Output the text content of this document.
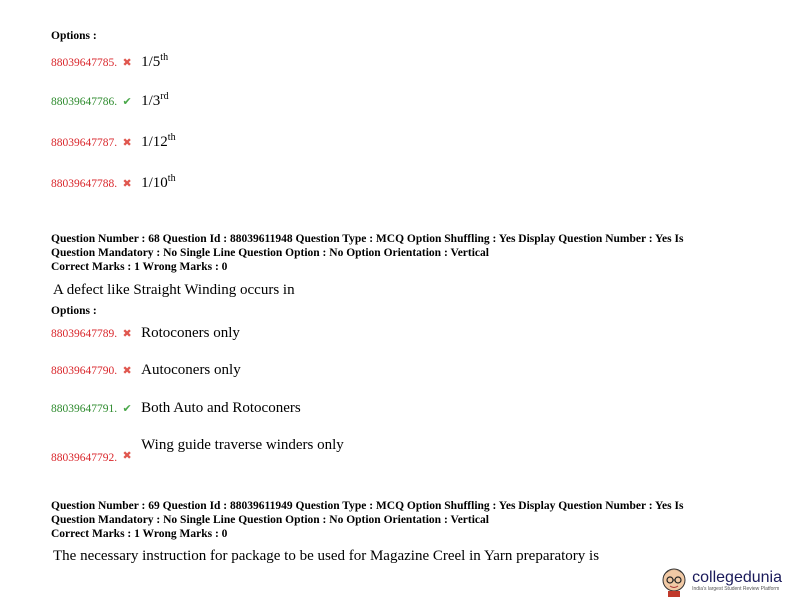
Options :
88039647785. ✖ 1/5th
88039647786. ✔ 1/3rd
88039647787. ✖ 1/12th
88039647788. ✖ 1/10th
Question Number : 68 Question Id : 88039611948 Question Type : MCQ Option Shuffling : Yes Display Question Number : Yes Is
Question Mandatory : No Single Line Question Option : No Option Orientation : Vertical
Correct Marks : 1 Wrong Marks : 0
A defect like Straight Winding occurs in
Options :
88039647789. ✖ Rotoconers only
88039647790. ✖ Autoconers only
88039647791. ✔ Both Auto and Rotoconers
$_{88039647792.}$ ✖ Wing guide traverse winders only
Question Number : 69 Question Id : 88039611949 Question Type : MCQ Option Shuffling : Yes Display Question Number : Yes Is
Question Mandatory : No Single Line Question Option : No Option Orientation : Vertical
Correct Marks : 1 Wrong Marks : 0
The necessary instruction for package to be used for Magazine Creel in Yarn preparatory is
collegedunia
India's largest Student Review Platform
